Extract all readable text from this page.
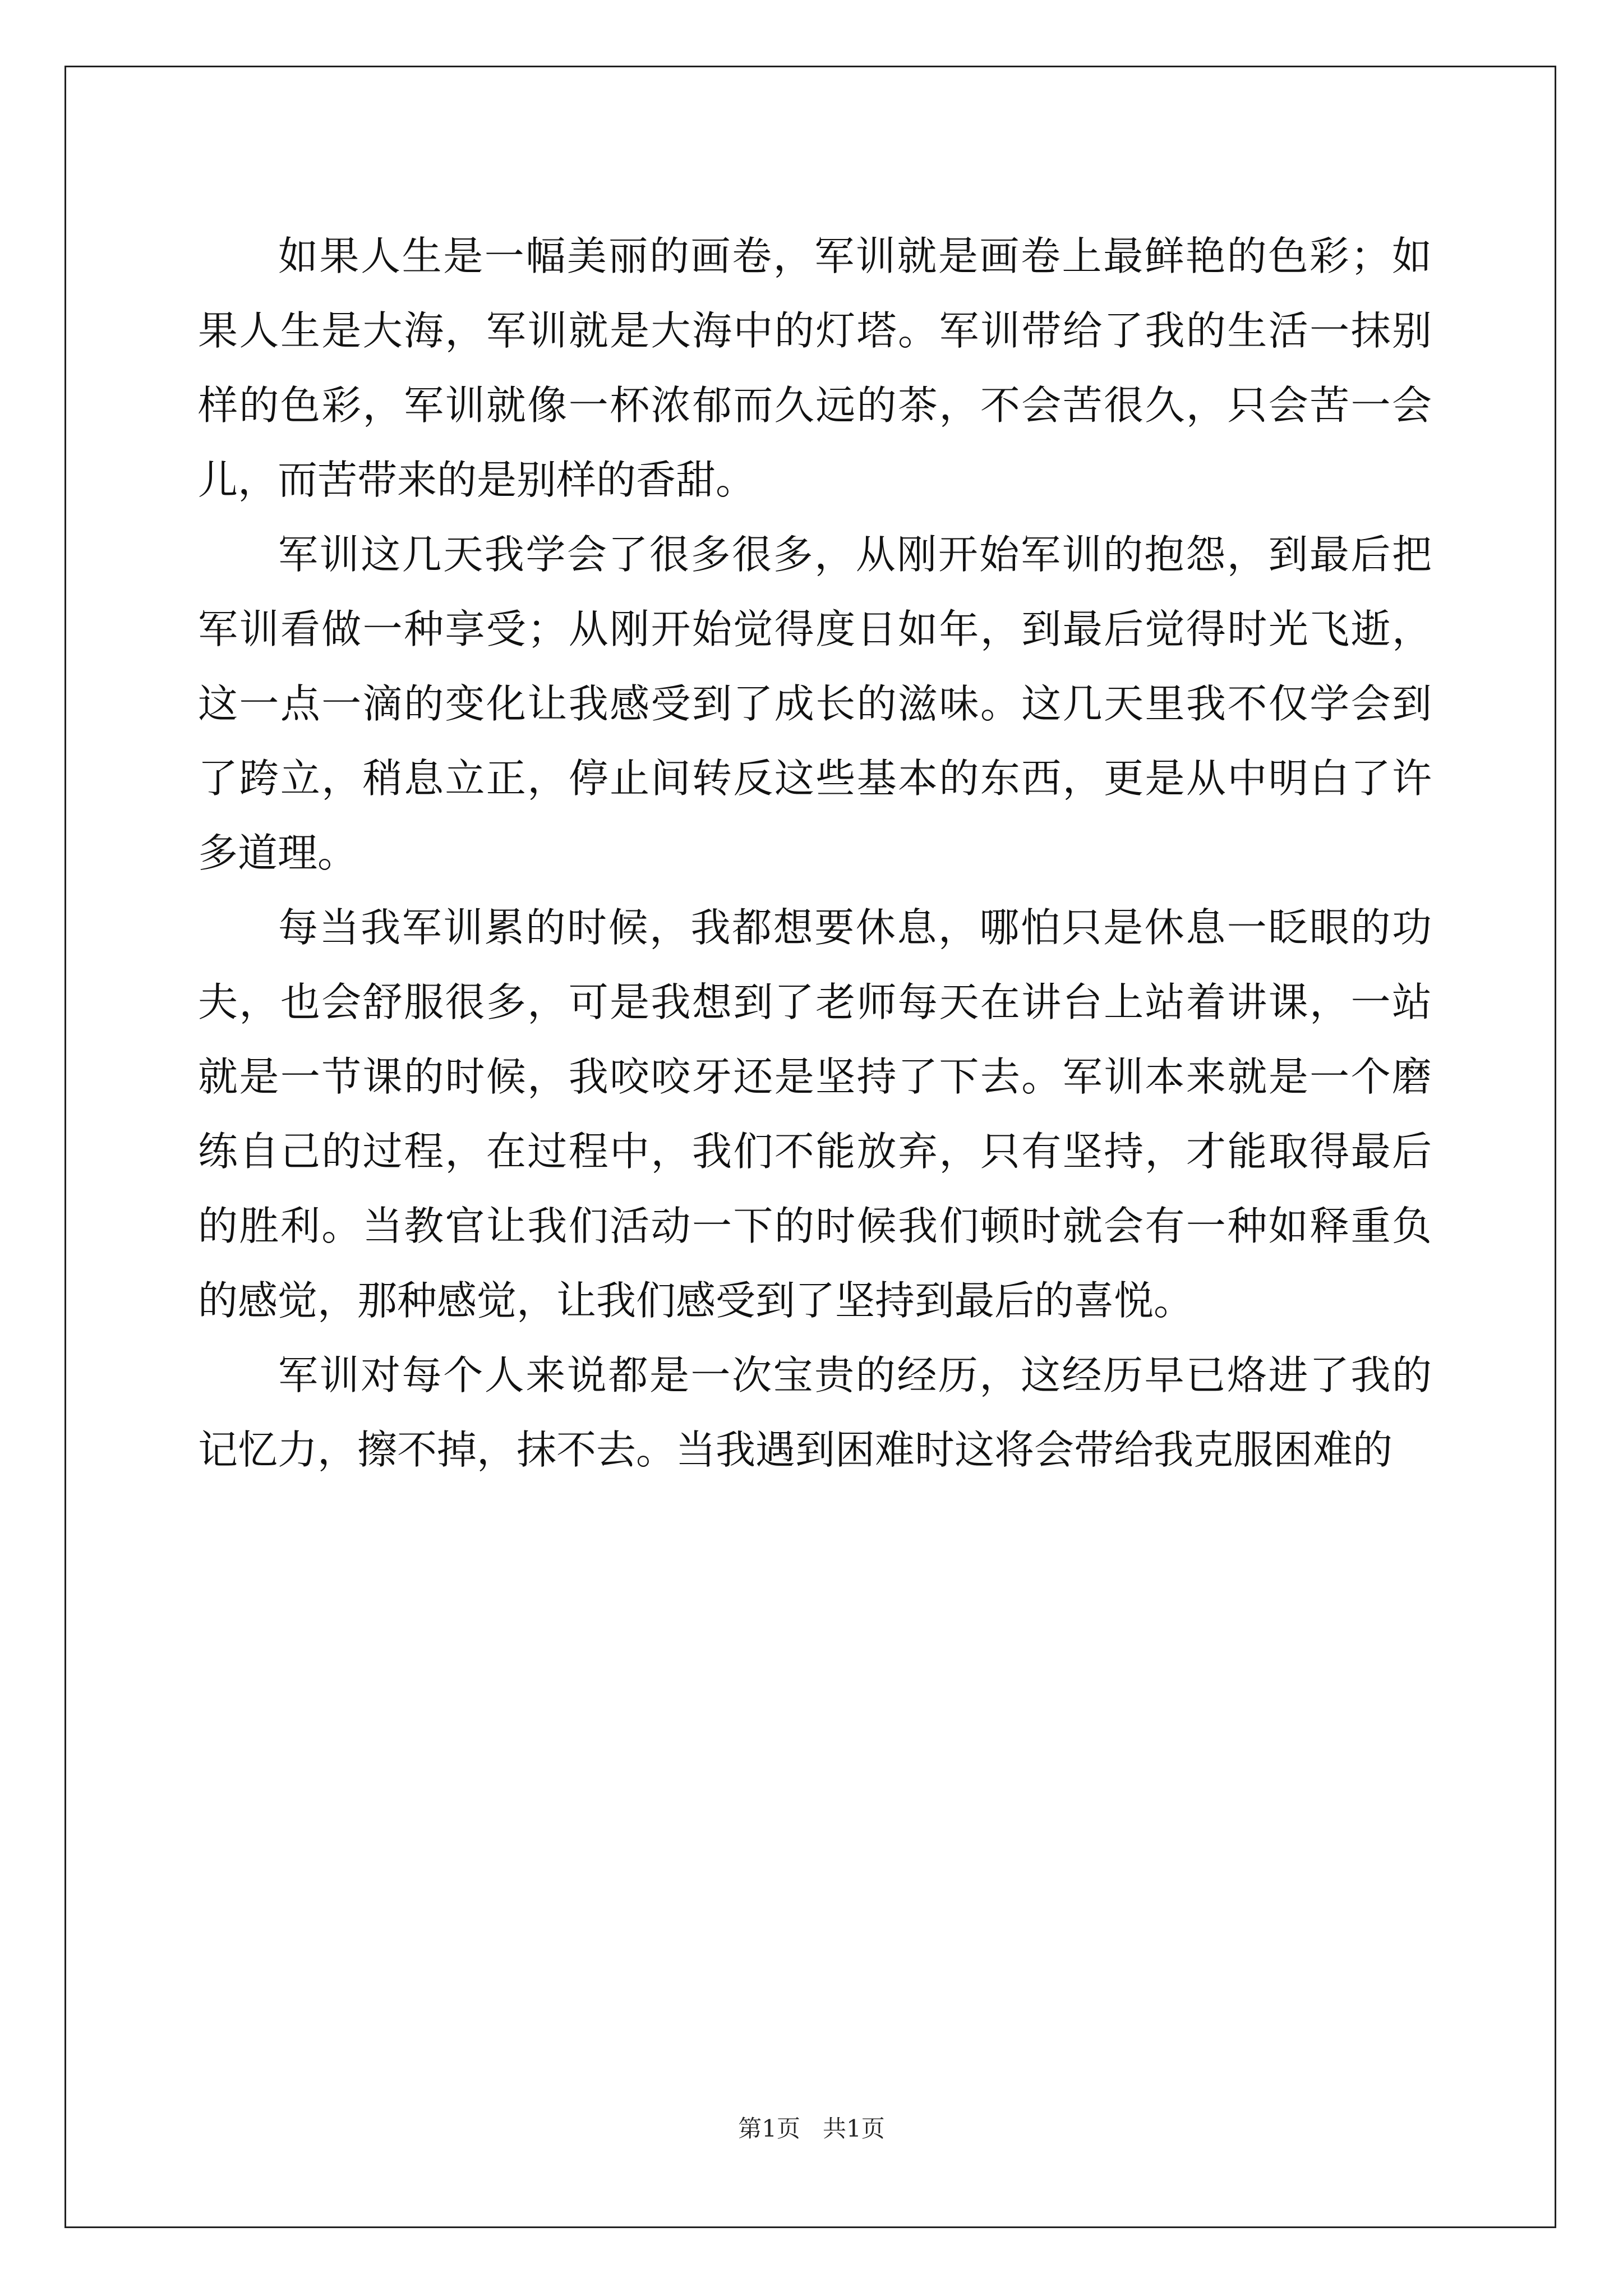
如果人生是一幅美丽的画卷，军训就是画卷上最鲜艳的色彩；如果人生是大海，军训就是大海中的灯塔。军训带给了我的生活一抹别样的色彩，军训就像一杯浓郁而久远的茶，不会苦很久，只会苦一会儿，而苦带来的是别样的香甜。

军训这几天我学会了很多很多，从刚开始军训的抱怨，到最后把军训看做一种享受；从刚开始觉得度日如年，到最后觉得时光飞逝，这一点一滴的变化让我感受到了成长的滋味。这几天里我不仅学会到了跨立，稍息立正，停止间转反这些基本的东西，更是从中明白了许多道理。

每当我军训累的时候，我都想要休息，哪怕只是休息一眨眼的功夫，也会舒服很多，可是我想到了老师每天在讲台上站着讲课，一站就是一节课的时候，我咬咬牙还是坚持了下去。军训本来就是一个磨练自己的过程，在过程中，我们不能放弃，只有坚持，才能取得最后的胜利。当教官让我们活动一下的时候我们顿时就会有一种如释重负的感觉，那种感觉，让我们感受到了坚持到最后的喜悦。

军训对每个人来说都是一次宝贵的经历，这经历早已烙进了我的记忆力，擦不掉，抹不去。当我遇到困难时这将会带给我克服困难的

第1页   共1页
